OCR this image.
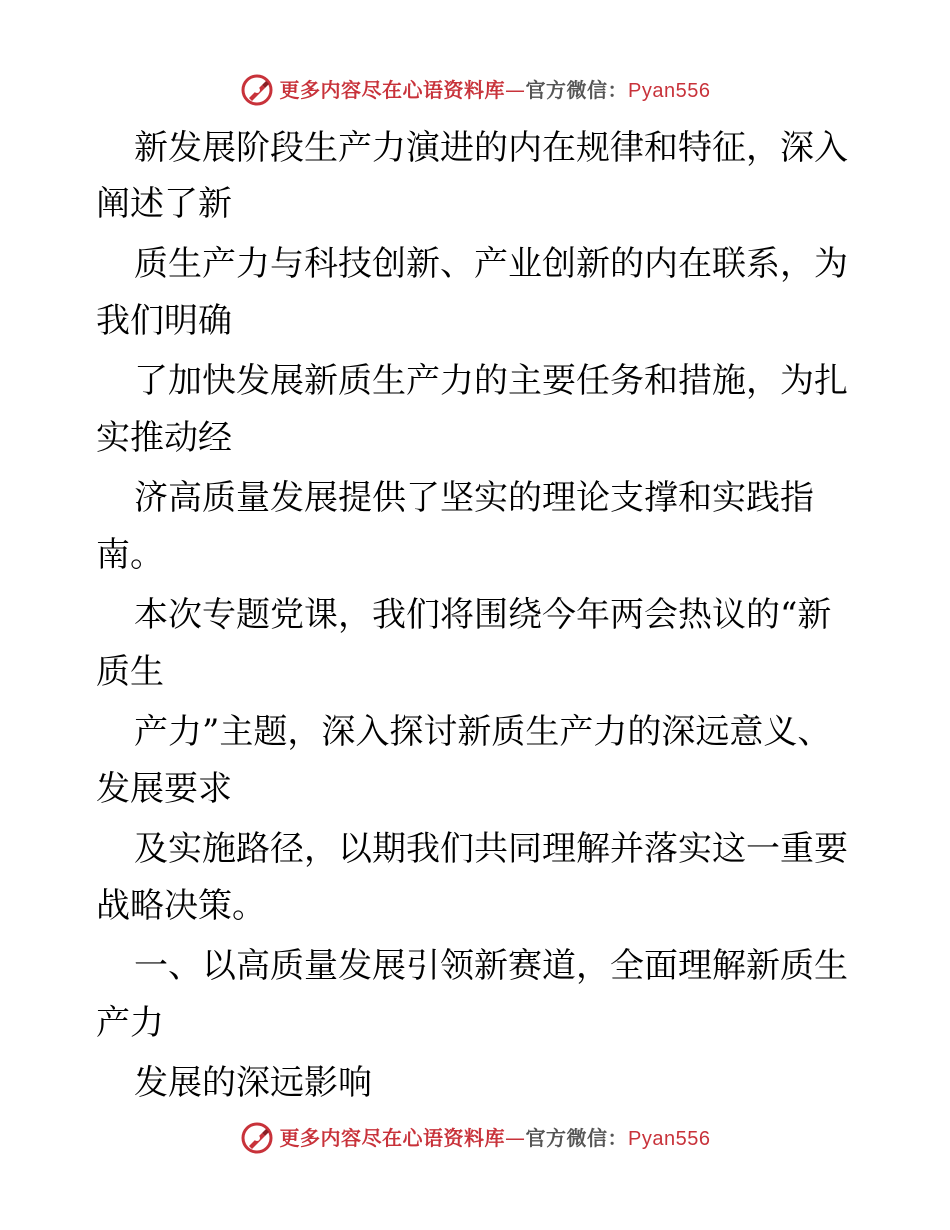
更多内容尽在心语资料库—官方微信：Pyan556
新发展阶段生产力演进的内在规律和特征，深入
阐述了新
质生产力与科技创新、产业创新的内在联系，为
我们明确
了加快发展新质生产力的主要任务和措施，为扎
实推动经
济高质量发展提供了坚实的理论支撑和实践指
南。
本次专题党课，我们将围绕今年两会热议的“新
质生
产力”主题，深入探讨新质生产力的深远意义、
发展要求
及实施路径，以期我们共同理解并落实这一重要
战略决策。
一、以高质量发展引领新赛道，全面理解新质生
产力
发展的深远影响
更多内容尽在心语资料库—官方微信：Pyan556
